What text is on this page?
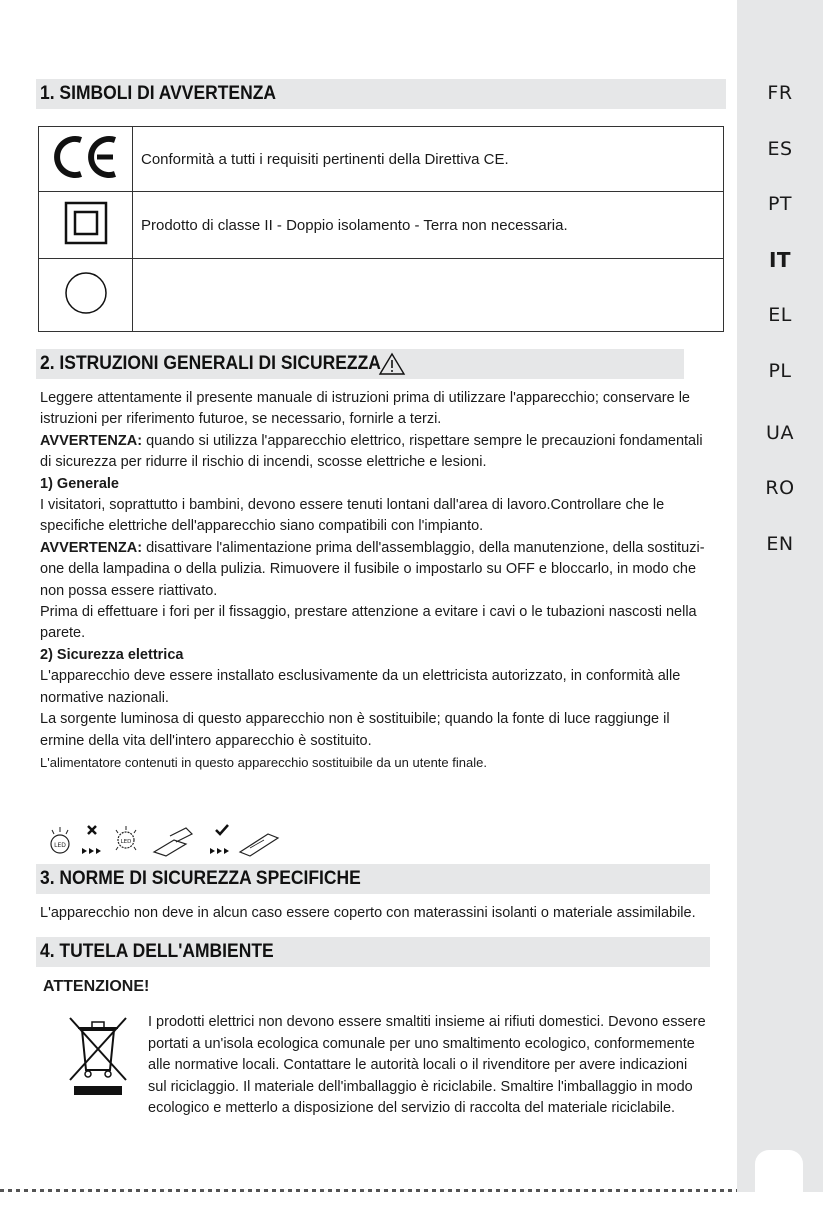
FR
ES
PT
IT
EL
PL
UA
RO
EN
1. SIMBOLI DI AVVERTENZA
	Conformità a tutti i requisiti pertinenti della Direttiva CE.
	Prodotto di classe II - Doppio isolamento - Terra non necessaria.

2. ISTRUZIONI GENERALI DI SICUREZZA

Leggere attentamente il presente manuale di istruzioni prima di utilizzare l'apparecchio; conservare le istruzioni per riferimento futuroe, se necessario, fornirle a terzi.

AVVERTENZA: quando si utilizza l'apparecchio elettrico, rispettare sempre le precauzioni fondamentali di sicurezza per ridurre il rischio di incendi, scosse elettriche e lesioni.

1) Generale

I visitatori, soprattutto i bambini, devono essere tenuti lontani dall'area di lavoro.Controllare che le specifiche elettriche dell'apparecchio siano compatibili con l'impianto.

AVVERTENZA: disattivare l'alimentazione prima dell'assemblaggio, della manutenzione, della sostituzi-one della lampadina o della pulizia. Rimuovere il fusibile o impostarlo su OFF e bloccarlo, in modo che non possa essere riattivato.

Prima di effettuare i fori per il fissaggio, prestare attenzione a evitare i cavi o le tubazioni nascosti nella parete.

2) Sicurezza elettrica

L'apparecchio deve essere installato esclusivamente da un elettricista autorizzato, in conformità alle normative nazionali.

La sorgente luminosa di questo apparecchio non è sostituibile; quando la fonte di luce raggiunge il ermine della vita dell'intero apparecchio è sostituito.

L'alimentatore contenuti in questo apparecchio sostituibile da un utente finale.

LED	LED
3. NORME DI SICUREZZA SPECIFICHE

L'apparecchio non deve in alcun caso essere coperto con materassini isolanti o materiale assimilabile.

4. TUTELA DELL'AMBIENTE
ATTENZIONE!
I prodotti elettrici non devono essere smaltiti insieme ai rifiuti domestici. Devono essere portati a un'isola ecologica comunale per uno smaltimento ecologico, conformemente alle normative locali. Contattare le autorità locali o il rivenditore per avere indicazioni sul riciclaggio. Il materiale dell'imballaggio è riciclabile. Smaltire l'imballaggio in modo ecologico e metterlo a disposizione del servizio di raccolta del materiale riciclabile.
